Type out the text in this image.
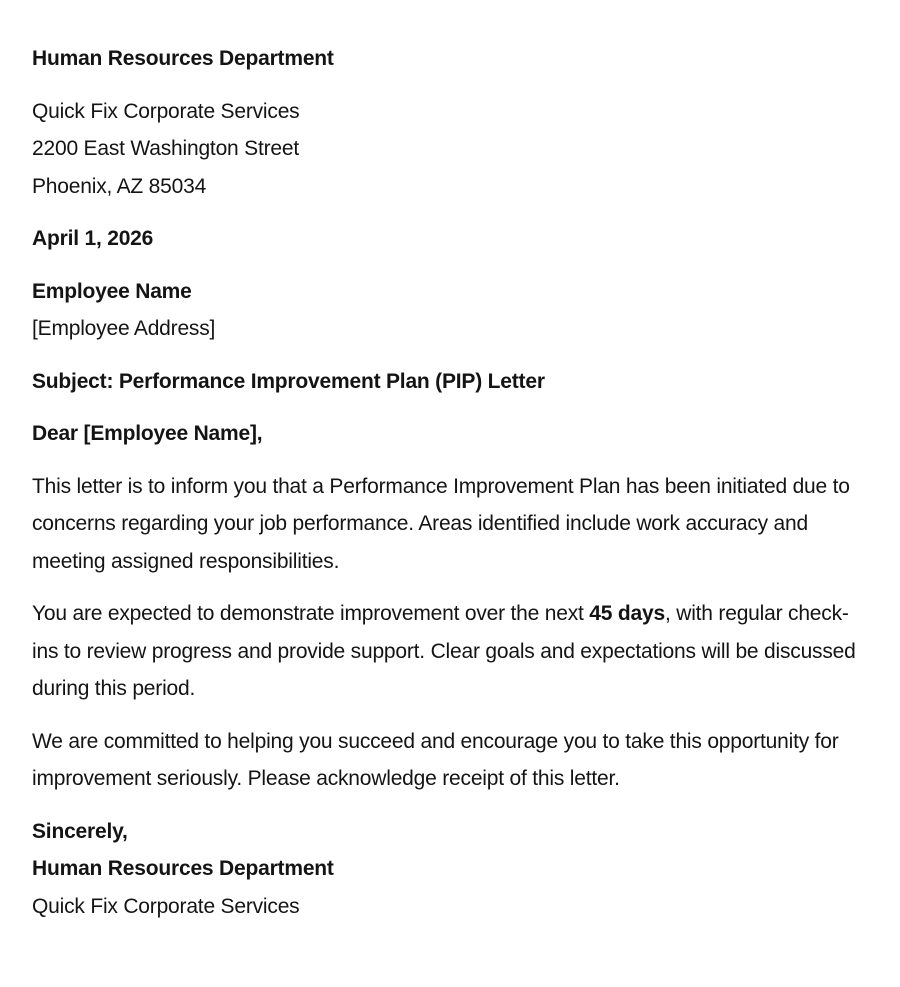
Human Resources Department

Quick Fix Corporate Services
2200 East Washington Street
Phoenix, AZ 85034

April 1, 2026

Employee Name
[Employee Address]

Subject: Performance Improvement Plan (PIP) Letter

Dear [Employee Name],

This letter is to inform you that a Performance Improvement Plan has been initiated due to concerns regarding your job performance. Areas identified include work accuracy and meeting assigned responsibilities.

You are expected to demonstrate improvement over the next 45 days, with regular check-ins to review progress and provide support. Clear goals and expectations will be discussed during this period.

We are committed to helping you succeed and encourage you to take this opportunity for improvement seriously. Please acknowledge receipt of this letter.

Sincerely,
Human Resources Department
Quick Fix Corporate Services
